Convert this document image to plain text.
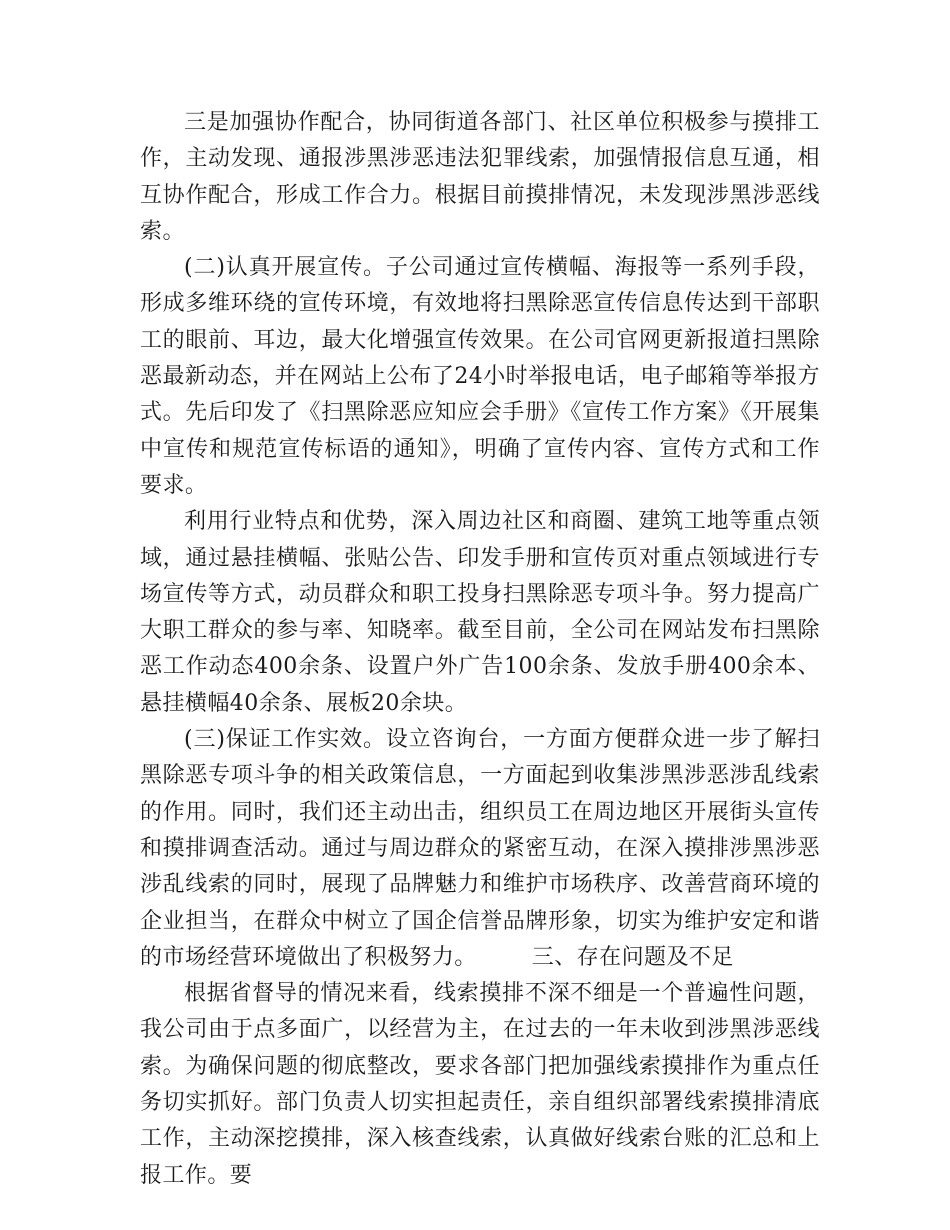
三是加强协作配合，协同街道各部门、社区单位积极参与摸排工作，主动发现、通报涉黑涉恶违法犯罪线索，加强情报信息互通，相互协作配合，形成工作合力。根据目前摸排情况，未发现涉黑涉恶线索。

(二)认真开展宣传。子公司通过宣传横幅、海报等一系列手段，形成多维环绕的宣传环境，有效地将扫黑除恶宣传信息传达到干部职工的眼前、耳边，最大化增强宣传效果。在公司官网更新报道扫黑除恶最新动态，并在网站上公布了24小时举报电话，电子邮箱等举报方式。先后印发了《扫黑除恶应知应会手册》《宣传工作方案》《开展集中宣传和规范宣传标语的通知》，明确了宣传内容、宣传方式和工作要求。

利用行业特点和优势，深入周边社区和商圈、建筑工地等重点领域，通过悬挂横幅、张贴公告、印发手册和宣传页对重点领域进行专场宣传等方式，动员群众和职工投身扫黑除恶专项斗争。努力提高广大职工群众的参与率、知晓率。截至目前，全公司在网站发布扫黑除恶工作动态400余条、设置户外广告100余条、发放手册400余本、悬挂横幅40余条、展板20余块。

(三)保证工作实效。设立咨询台，一方面方便群众进一步了解扫黑除恶专项斗争的相关政策信息，一方面起到收集涉黑涉恶涉乱线索的作用。同时，我们还主动出击，组织员工在周边地区开展街头宣传和摸排调查活动。通过与周边群众的紧密互动，在深入摸排涉黑涉恶涉乱线索的同时，展现了品牌魅力和维护市场秩序、改善营商环境的企业担当，在群众中树立了国企信誉品牌形象，切实为维护安定和谐的市场经营环境做出了积极努力。	三、存在问题及不足

根据省督导的情况来看，线索摸排不深不细是一个普遍性问题，我公司由于点多面广，以经营为主，在过去的一年未收到涉黑涉恶线索。为确保问题的彻底整改，要求各部门把加强线索摸排作为重点任务切实抓好。部门负责人切实担起责任，亲自组织部署线索摸排清底工作，主动深挖摸排，深入核查线索，认真做好线索台账的汇总和上报工作。要
